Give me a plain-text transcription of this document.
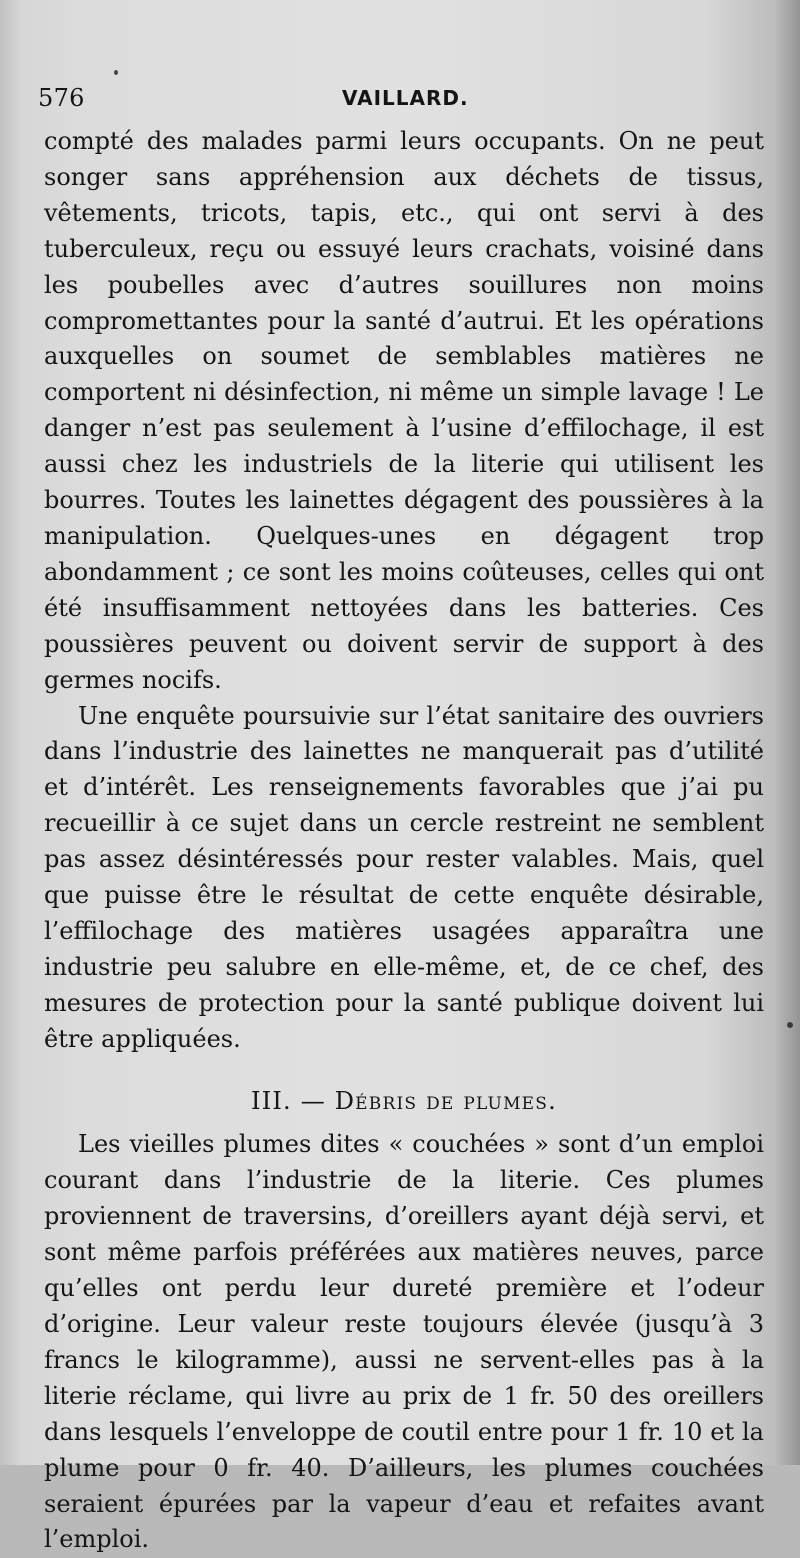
576	VAILLARD.

compté des malades parmi leurs occupants. On ne peut songer sans appréhension aux déchets de tissus, vêtements, tricots, tapis, etc., qui ont servi à des tuberculeux, reçu ou essuyé leurs crachats, voisiné dans les poubelles avec d’autres souillures non moins compromettantes pour la santé d’autrui. Et les opérations auxquelles on soumet de semblables matières ne comportent ni désinfection, ni même un simple lavage ! Le danger n’est pas seulement à l’usine d’effilochage, il est aussi chez les industriels de la literie qui utilisent les bourres. Toutes les lainettes dégagent des poussières à la manipulation. Quelques-unes en dégagent trop abondamment ; ce sont les moins coûteuses, celles qui ont été insuffisamment nettoyées dans les batteries. Ces poussières peuvent ou doivent servir de support à des germes nocifs.

Une enquête poursuivie sur l’état sanitaire des ouvriers dans l’industrie des lainettes ne manquerait pas d’utilité et d’intérêt. Les renseignements favorables que j’ai pu recueillir à ce sujet dans un cercle restreint ne semblent pas assez désintéressés pour rester valables. Mais, quel que puisse être le résultat de cette enquête désirable, l’effilochage des matières usagées apparaîtra une industrie peu salubre en elle-même, et, de ce chef, des mesures de protection pour la santé publique doivent lui être appliquées.

III. — Débris de plumes.

Les vieilles plumes dites « couchées » sont d’un emploi courant dans l’industrie de la literie. Ces plumes proviennent de traversins, d’oreillers ayant déjà servi, et sont même parfois préférées aux matières neuves, parce qu’elles ont perdu leur dureté première et l’odeur d’origine. Leur valeur reste toujours élevée (jusqu’à 3 francs le kilogramme), aussi ne servent-elles pas à la literie réclame, qui livre au prix de 1 fr. 50 des oreillers dans lesquels l’enveloppe de coutil entre pour 1 fr. 10 et la plume pour 0 fr. 40. D’ailleurs, les plumes couchées seraient épurées par la vapeur d’eau et refaites avant l’emploi.
